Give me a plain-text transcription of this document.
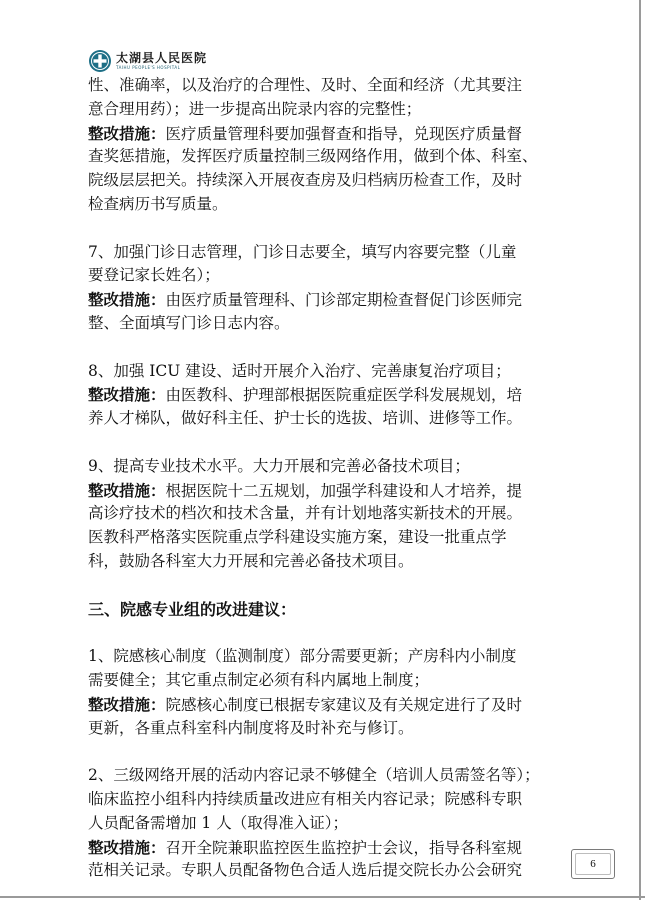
太湖县人民医院
TAIHU PEOPLE'S HOSPITAL
性、准确率，以及治疗的合理性、及时、全面和经济（尤其要注
意合理用药）；进一步提高出院录内容的完整性；
整改措施：医疗质量管理科要加强督查和指导，兑现医疗质量督
查奖惩措施，发挥医疗质量控制三级网络作用，做到个体、科室、
院级层层把关。持续深入开展夜查房及归档病历检查工作，及时
检查病历书写质量。
7、加强门诊日志管理，门诊日志要全，填写内容要完整（儿童
要登记家长姓名）；
整改措施：由医疗质量管理科、门诊部定期检查督促门诊医师完
整、全面填写门诊日志内容。
8、加强 ICU 建设、适时开展介入治疗、完善康复治疗项目；
整改措施：由医教科、护理部根据医院重症医学科发展规划，培
养人才梯队，做好科主任、护士长的选拔、培训、进修等工作。
9、提高专业技术水平。大力开展和完善必备技术项目；
整改措施：根据医院十二五规划，加强学科建设和人才培养，提
高诊疗技术的档次和技术含量，并有计划地落实新技术的开展。
医教科严格落实医院重点学科建设实施方案，建设一批重点学
科，鼓励各科室大力开展和完善必备技术项目。
三、院感专业组的改进建议：
1、院感核心制度（监测制度）部分需要更新；产房科内小制度
需要健全；其它重点制定必须有科内属地上制度；
整改措施：院感核心制度已根据专家建议及有关规定进行了及时
更新，各重点科室科内制度将及时补充与修订。
2、三级网络开展的活动内容记录不够健全（培训人员需签名等）；
临床监控小组科内持续质量改进应有相关内容记录；院感科专职
人员配备需增加 1 人（取得准入证）；
整改措施：召开全院兼职监控医生监控护士会议，指导各科室规
范相关记录。专职人员配备物色合适人选后提交院长办公会研究	6
